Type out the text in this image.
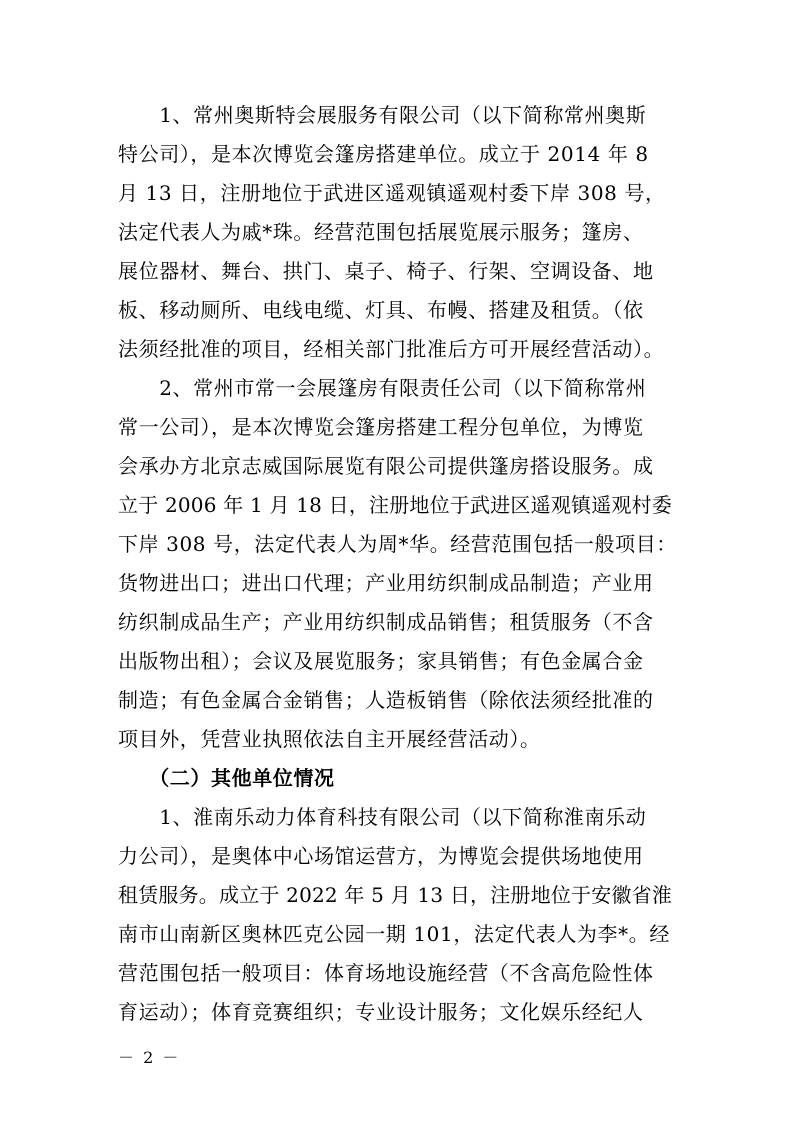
　　1、常州奥斯特会展服务有限公司（以下简称常州奥斯
特公司），是本次博览会篷房搭建单位。成立于 2014 年 8
月 13 日，注册地位于武进区遥观镇遥观村委下岸 308 号，
法定代表人为戚*珠。经营范围包括展览展示服务；篷房、
展位器材、舞台、拱门、桌子、椅子、行架、空调设备、地
板、移动厕所、电线电缆、灯具、布幔、搭建及租赁。（依
法须经批准的项目，经相关部门批准后方可开展经营活动）。
　　2、常州市常一会展篷房有限责任公司（以下简称常州
常一公司），是本次博览会篷房搭建工程分包单位，为博览
会承办方北京志威国际展览有限公司提供篷房搭设服务。成
立于 2006 年 1 月 18 日，注册地位于武进区遥观镇遥观村委
下岸 308 号，法定代表人为周*华。经营范围包括一般项目：
货物进出口；进出口代理；产业用纺织制成品制造；产业用
纺织制成品生产；产业用纺织制成品销售；租赁服务（不含
出版物出租）；会议及展览服务；家具销售；有色金属合金
制造；有色金属合金销售；人造板销售（除依法须经批准的
项目外，凭营业执照依法自主开展经营活动）。
　　（二）其他单位情况
　　1、淮南乐动力体育科技有限公司（以下简称淮南乐动
力公司），是奥体中心场馆运营方，为博览会提供场地使用
租赁服务。成立于 2022 年 5 月 13 日，注册地位于安徽省淮
南市山南新区奥林匹克公园一期 101，法定代表人为李*。经
营范围包括一般项目：体育场地设施经营（不含高危险性体
－ 2 －
育运动）；体育竞赛组织；专业设计服务；文化娱乐经纪人
